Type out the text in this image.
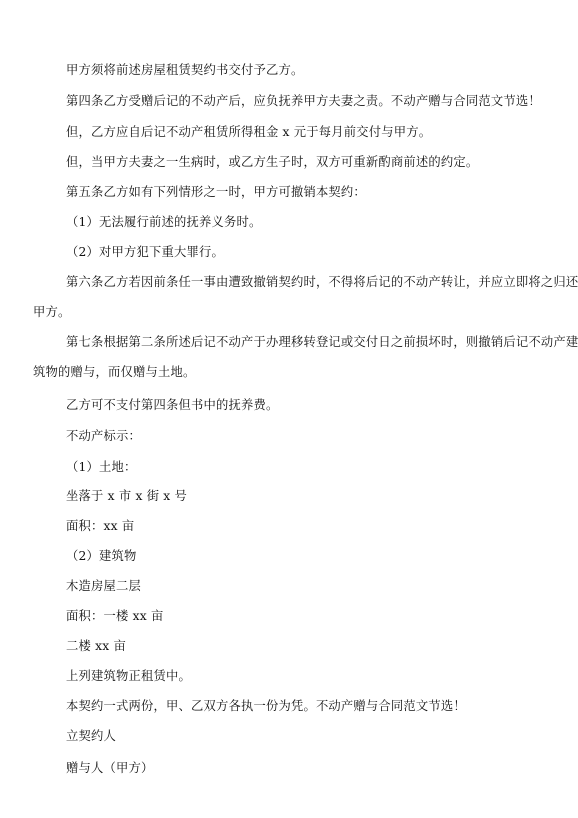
甲方须将前述房屋租赁契约书交付予乙方。
第四条乙方受赠后记的不动产后，应负抚养甲方夫妻之责。不动产赠与合同范文节选！
但，乙方应自后记不动产租赁所得租金 x 元于每月前交付与甲方。
但，当甲方夫妻之一生病时，或乙方生子时，双方可重新酌商前述的约定。
第五条乙方如有下列情形之一时，甲方可撤销本契约：
（1）无法履行前述的抚养义务时。
（2）对甲方犯下重大罪行。
第六条乙方若因前条任一事由遭致撤销契约时，不得将后记的不动产转让，并应立即将之归还
甲方。
第七条根据第二条所述后记不动产于办理移转登记或交付日之前损坏时，则撤销后记不动产建
筑物的赠与，而仅赠与土地。
乙方可不支付第四条但书中的抚养费。
不动产标示：
（1）土地：
坐落于 x 市 x 街 x 号
面积：xx 亩
（2）建筑物
木造房屋二层
面积：一楼 xx 亩
二楼 xx 亩
上列建筑物正租赁中。
本契约一式两份，甲、乙双方各执一份为凭。不动产赠与合同范文节选！
立契约人
赠与人（甲方）
